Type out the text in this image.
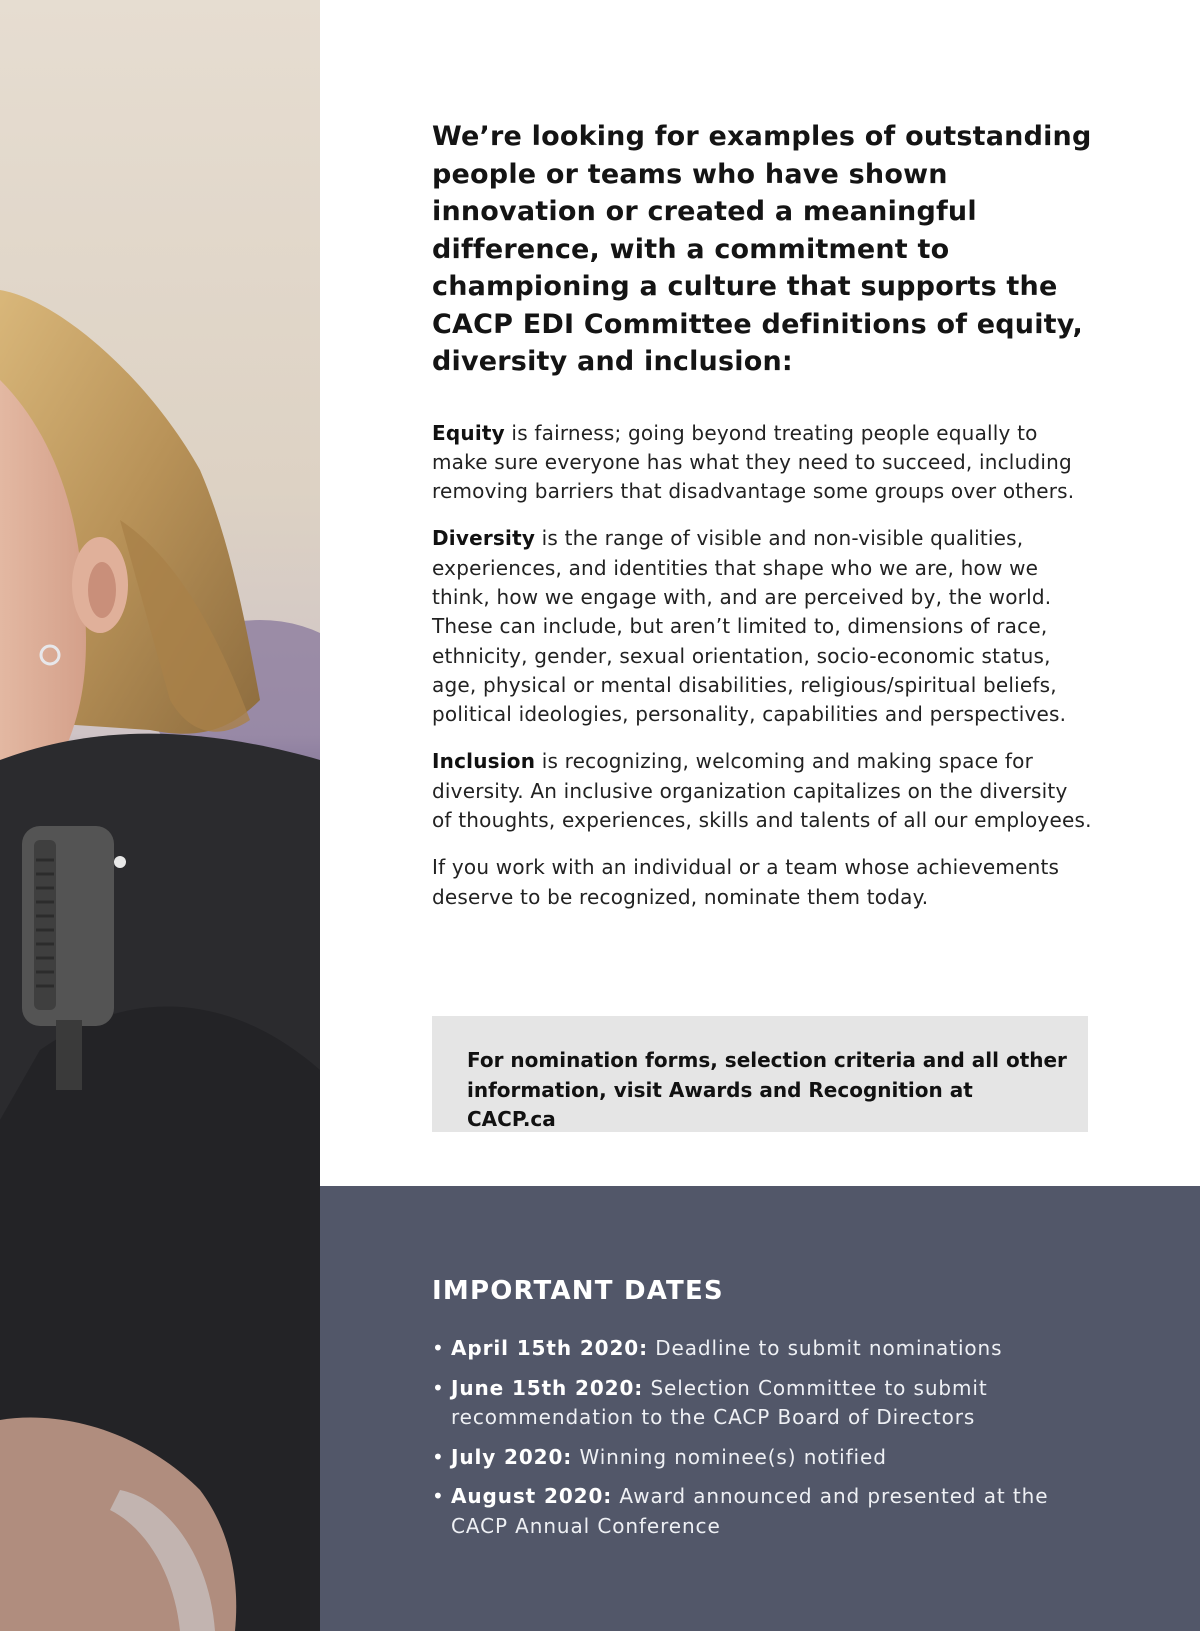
We’re looking for examples of outstanding people or teams who have shown innovation or created a meaningful difference, with a commitment to championing a culture that supports the CACP EDI Committee definitions of equity, diversity and inclusion:

Equity is fairness; going beyond treating people equally to make sure everyone has what they need to succeed, including removing barriers that disadvantage some groups over others.

Diversity is the range of visible and non-visible qualities, experiences, and identities that shape who we are, how we think, how we engage with, and are perceived by, the world. These can include, but aren’t limited to, dimensions of race, ethnicity, gender, sexual orientation, socio-economic status, age, physical or mental disabilities, religious/spiritual beliefs, political ideologies, personality, capabilities and perspectives.

Inclusion is recognizing, welcoming and making space for diversity. An inclusive organization capitalizes on the diversity of thoughts, experiences, skills and talents of all our employees.

If you work with an individual or a team whose achievements deserve to be recognized, nominate them today.

For nomination forms, selection criteria and all other information, visit Awards and Recognition at CACP.ca
IMPORTANT DATES
• April 15th 2020: Deadline to submit nominations
• June 15th 2020: Selection Committee to submit recommendation to the CACP Board of Directors
• July 2020: Winning nominee(s) notified
• August 2020: Award announced and presented at the CACP Annual Conference
